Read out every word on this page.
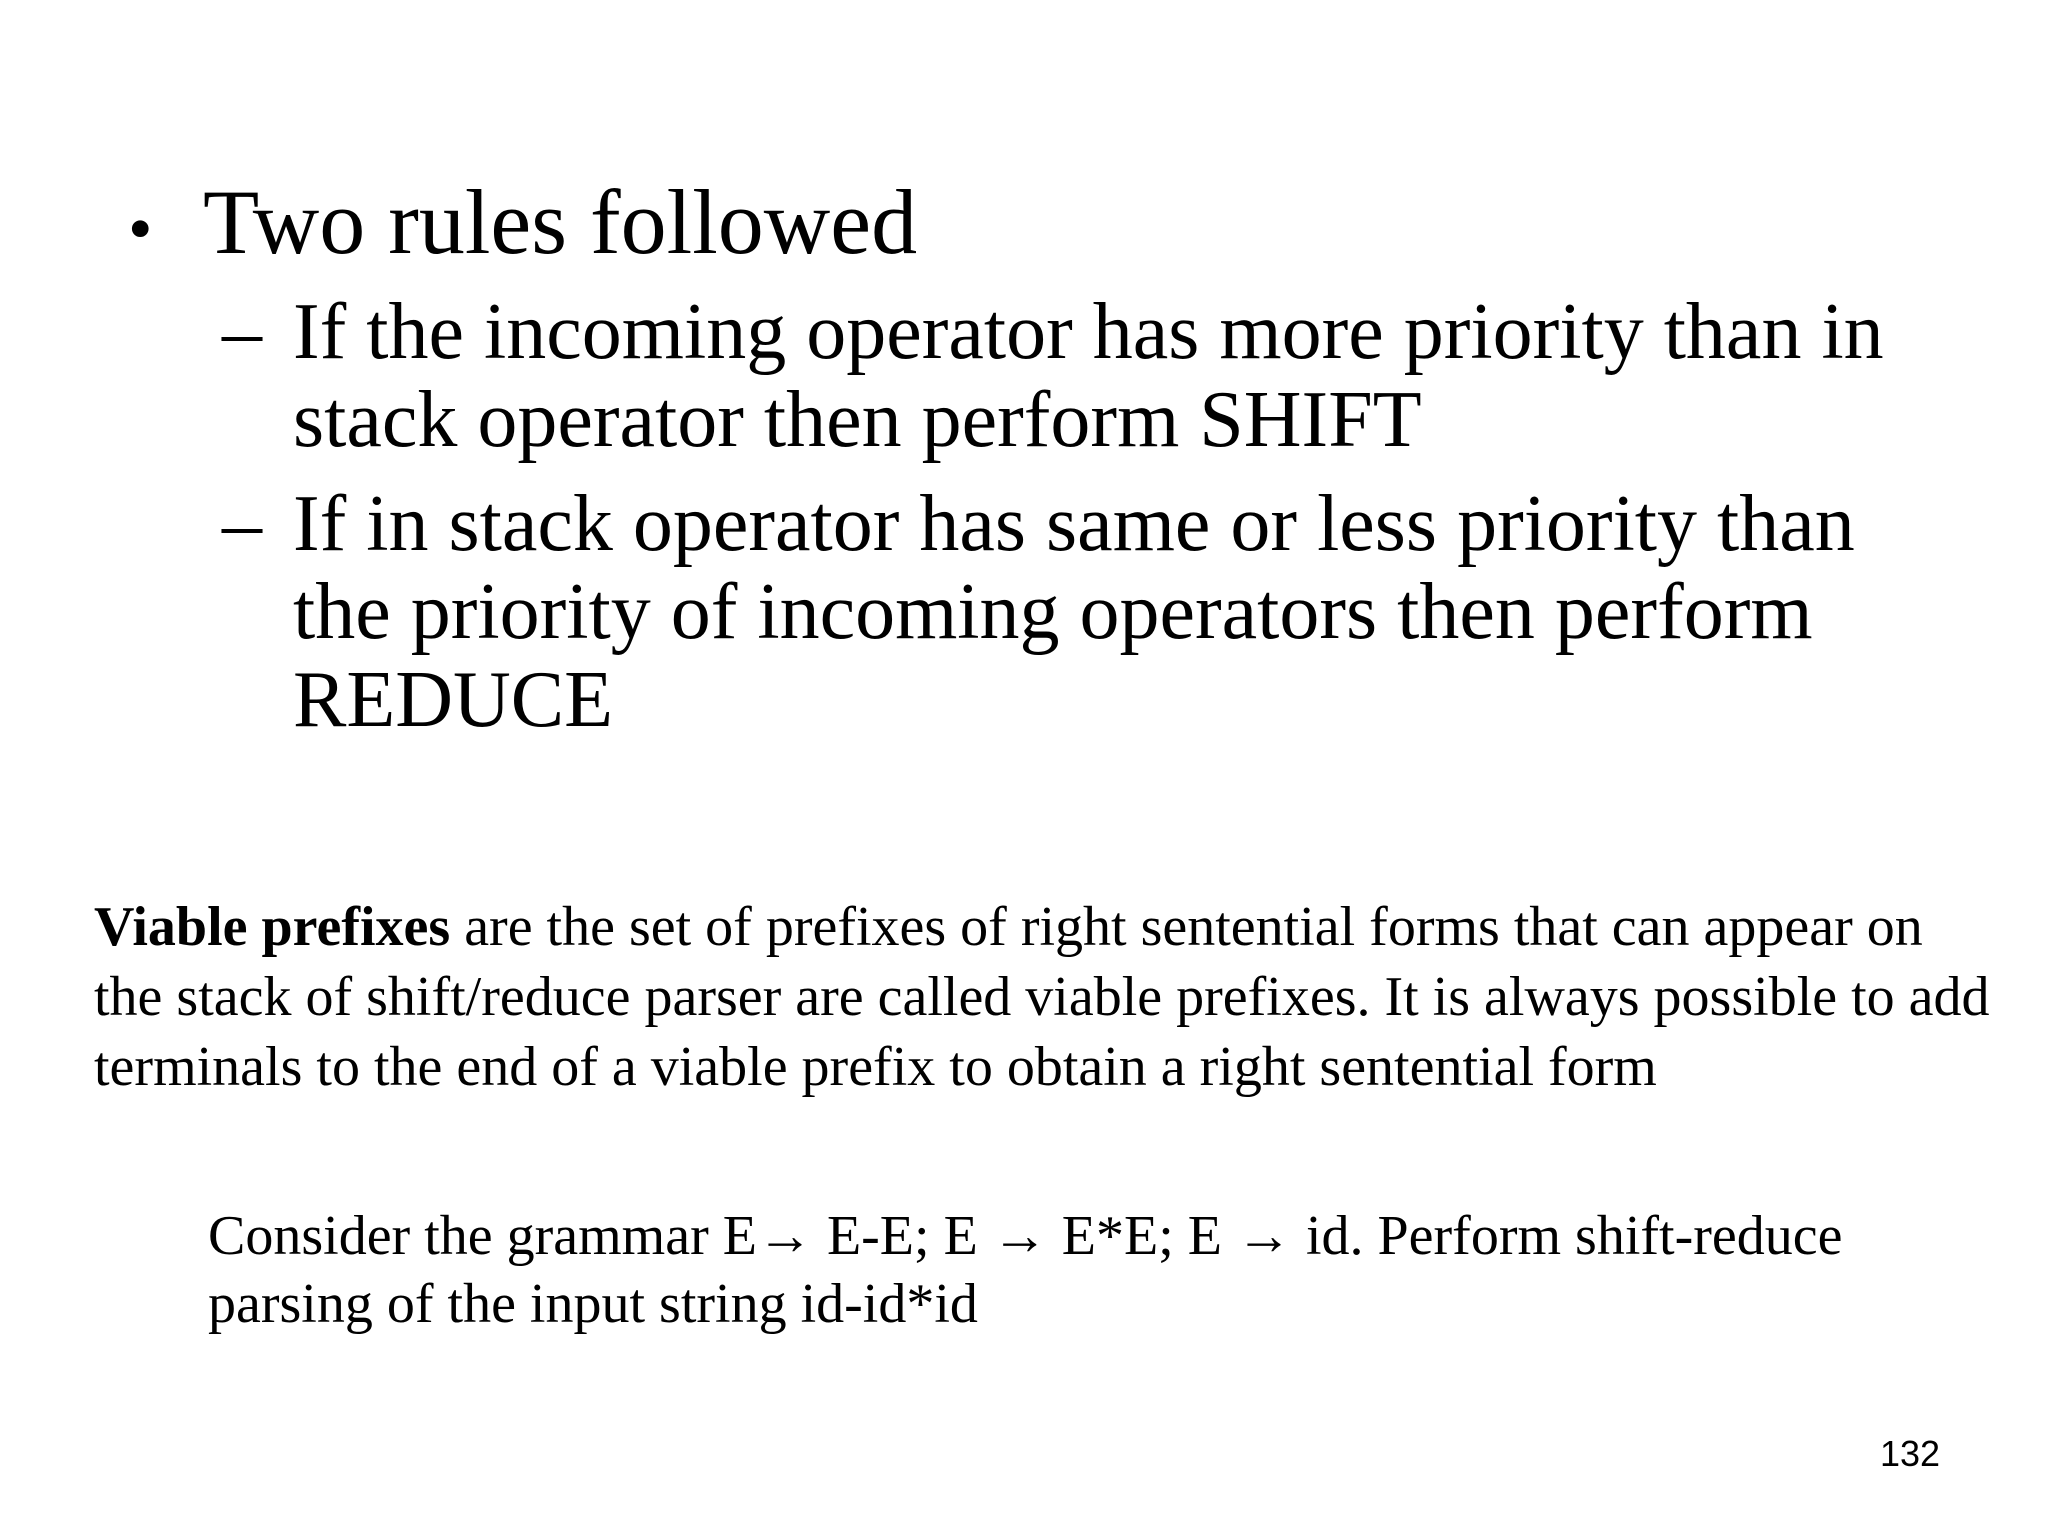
• Two rules followed
– If the incoming operator has more priority than in stack operator then perform SHIFT
– If in stack operator has same or less priority than the priority of incoming operators then perform REDUCE
Viable prefixes are the set of prefixes of right sentential forms that can appear on the stack of shift/reduce parser are called viable prefixes. It is always possible to add terminals to the end of a viable prefix to obtain a right sentential form
Consider the grammar E→ E-E; E → E*E; E → id. Perform shift-reduce parsing of the input string id-id*id
132
